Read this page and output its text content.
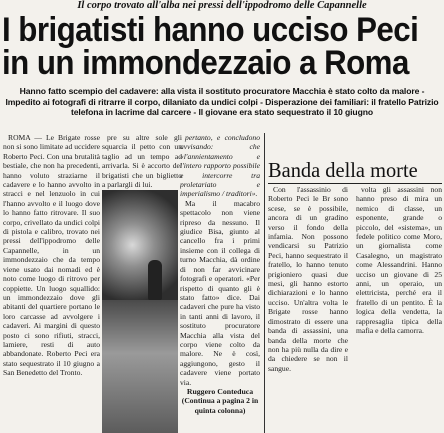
Il corpo trovato all'alba nei pressi dell'ippodromo delle Capannelle
I brigatisti hanno ucciso Peci
in un immondezzaio a Roma
Hanno fatto scempio del cadavere: alla vista il sostituto procuratore Macchia è stato colto da malore - Impedito ai fotografi di ritrarre il corpo, dilaniato da undici colpi - Disperazione dei familiari: il fratello Patrizio telefona in lacrime dal carcere - Il giovane era stato sequestrato il 10 giugno

ROMA — Le Brigate rosse non si sono limitate ad uccidere Roberto Peci. Con una brutalità bestiale, che non ha precedenti, hanno voluto straziarne il cadavere e lo hanno avvolto in stracci e nel lenzuolo in cui l'hanno avvolto e il luogo dove lo hanno fatto ritrovare. Il suo corpo, crivellato da undici colpi di pistola e calibro, trovato nei pressi dell'ippodromo delle Capannelle, in un immondezzaio che da tempo viene usato dai nomadi ed è noto come luogo di ritrovo per coppiette. Un luogo squallido: un immondezzaio dove gli abitanti del quartiere portano le loro carcasse ad avvolgere i cadaveri. Ai margini di questo posto ci sono rifiuti, stracci, lamiere, resti di auto abbandonate. Roberto Peci era stato sequestrato il 10 giugno a San Benedetto del Tronto.

pre su altre sole gli squarcia il petto con un taglio ad un tempo ad arrivarla. Si è accorto dei brigatisti che un biglietto a parlargli di lui.

pertanto, e concludono avvisando: che «l'annientamento e l'intero rapporto possibile e intercorre tra proletariato e imperialismo / traditori».

Ma il macabro spettacolo non viene ripreso da nessuno. Il giudice Bisa, giunto al cancello fra i primi insieme con il collega di turno Macchia, dà ordine di non far avvicinare fotografi e operatori. «Per rispetto di quanto gli è stato fatto» dice. Dai cadaveri che pure ha visto in tanti anni di lavoro, il sostituto procuratore Macchia alla vista del corpo viene colto da malore. Ne è così, aggiungono, gesto il cadavere viene portato via.

Ruggero Conteduca

(Continua a pagina 2 in quinta colonna)

Banda della morte

Con l'assassinio di Roberto Peci le Br sono scese, se è possibile, ancora di un gradino verso il fondo della infamia. Non possono vendicarsi su Patrizio Peci, hanno sequestrato il fratello, lo hanno tenuto prigioniero quasi due mesi, gli hanno estorto dichiarazioni e lo hanno ucciso. Un'altra volta le Brigate rosse hanno dimostrato di essere una banda di assassini, una banda della morte che non ha più nulla da dire e da chiedere se non il sangue.

volta gli assassini non hanno preso di mira un nemico di classe, un esponente, grande o piccolo, del «sistema», un fedele politico come Moro, un giornalista come Casalegno, un magistrato come Alessandrini. Hanno ucciso un giovane di 25 anni, un operaio, un elettricista, perché era il fratello di un pentito. È la logica della vendetta, la rappresaglia tipica della mafia e della camorra.
